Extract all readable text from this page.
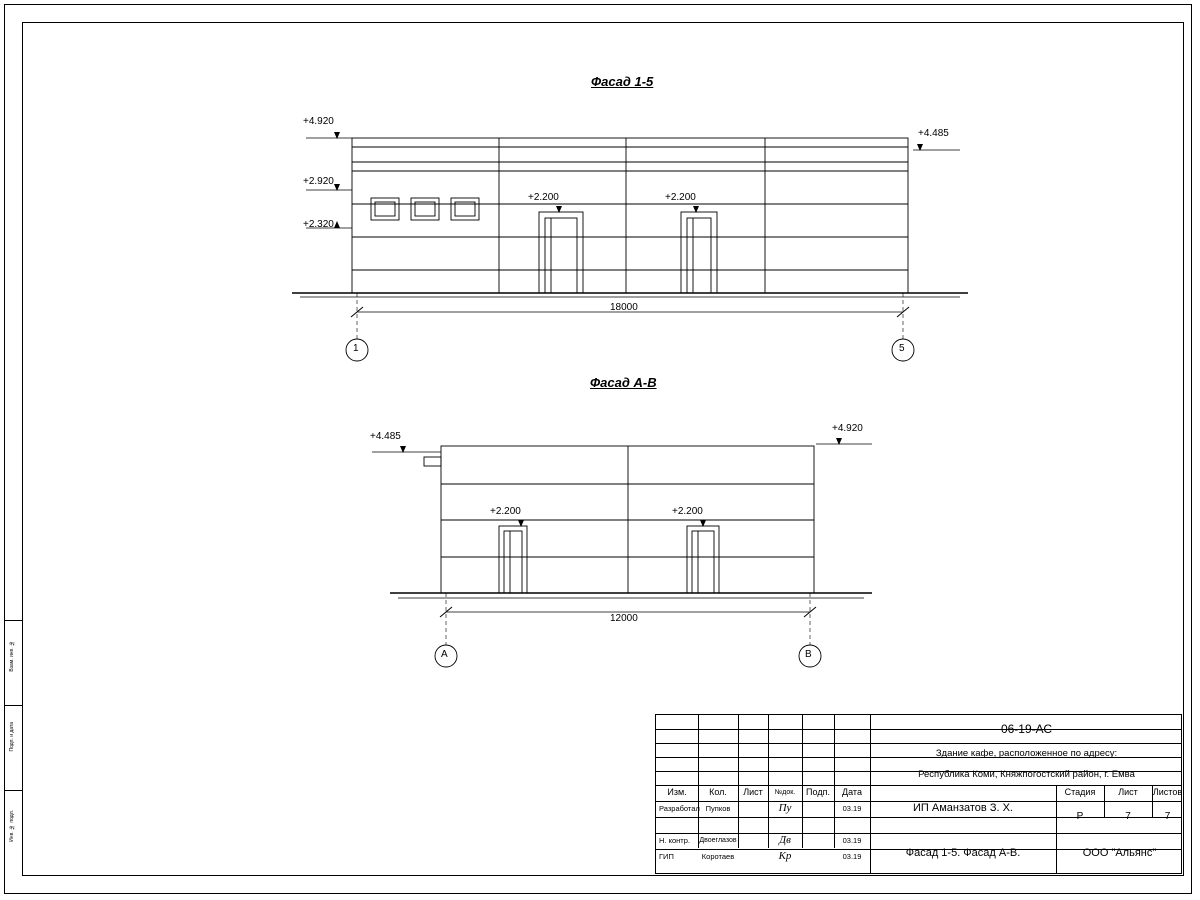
Взам. инв. №
Подп. и дата
Инв. № подл.
Фасад 1-5
+4.920
+2.920
+2.320
+4.485
+2.200	+2.200
18000
1	5
Фасад А-В
+4.485
+4.920
+2.200	+2.200
12000
А	В
Изм.	Кол.	Лист	№док.	Подп.	Дата
Разработал Пупков	Пу	03.19
Н. контр.	Двоеглазов	Дв	03.19
ГИП	Коротаев	Кр	03.19
06-19-АС
Здание кафе, расположенное по адресу:
Республика Коми, Княжпогостский район, г. Емва
ИП Аманзатов З. Х.
Фасад 1-5. Фасад А-В.
Стадия	Лист	Листов
Р	7	7
ООО "Альянс"
